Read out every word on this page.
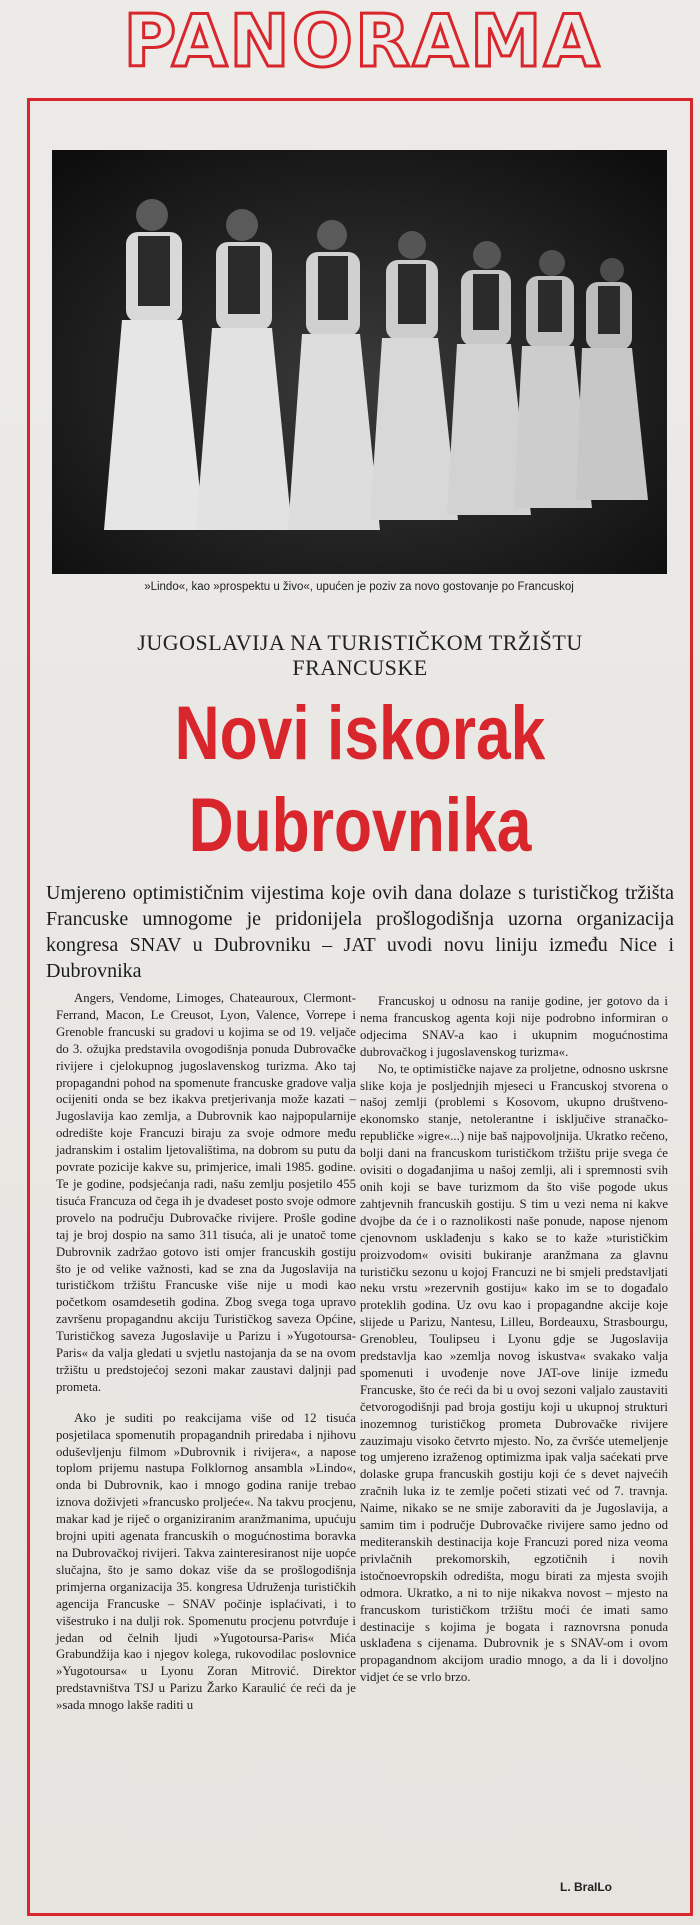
PANORAMA
»Lindo«, kao »prospektu u živo«, upućen je poziv za novo gostovanje po Francuskoj
JUGOSLAVIJA NA TURISTIČKOM TRŽIŠTU
FRANCUSKE
Novi iskorak
Dubrovnika
Umjereno optimističnim vijestima koje ovih dana dolaze s turističkog tržišta Francuske umnogome je pridonijela prošlogodišnja uzorna organizacija kongresa SNAV u Dubrovniku – JAT uvodi novu liniju između Nice i Dubrovnika

Angers, Vendome, Limoges, Chateauroux, Clermont-Ferrand, Macon, Le Creusot, Lyon, Valence, Vorrepe i Grenoble francuski su gradovi u kojima se od 19. veljače do 3. ožujka predstavila ovogodišnja ponuda Dubrovačke rivijere i cjelokupnog jugoslavenskog turizma. Ako taj propagandni pohod na spomenute francuske gradove valja ocijeniti onda se bez ikakva pretjerivanja može kazati – Jugoslavija kao zemlja, a Dubrovnik kao najpopularnije odredište koje Francuzi biraju za svoje odmore među jadranskim i ostalim ljetovalištima, na dobrom su putu da povrate pozicije kakve su, primjerice, imali 1985. godine. Te je godine, podsjećanja radi, našu zemlju posjetilo 455 tisuća Francuza od čega ih je dvadeset posto svoje odmore provelo na području Dubrovačke rivijere. Prošle godine taj je broj dospio na samo 311 tisuća, ali je unatoč tome Dubrovnik zadržao gotovo isti omjer francuskih gostiju što je od velike važnosti, kad se zna da Jugoslavija na turističkom tržištu Francuske više nije u modi kao početkom osamdesetih godina. Zbog svega toga upravo završenu propagandnu akciju Turističkog saveza Općine, Turističkog saveza Jugoslavije u Parizu i »Yugotoursa-Paris« da valja gledati u svjetlu nastojanja da se na ovom tržištu u predstojećoj sezoni makar zaustavi daljnji pad prometa.

Ako je suditi po reakcijama više od 12 tisuća posjetilaca spomenutih propagandnih priredaba i njihovu oduševljenju filmom »Dubrovnik i rivijera«, a napose toplom prijemu nastupa Folklornog ansambla »Lindo«, onda bi Dubrovnik, kao i mnogo godina ranije trebao iznova doživjeti »francusko proljeće«. Na takvu procjenu, makar kad je riječ o organiziranim aranžmanima, upućuju brojni upiti agenata francuskih o mogućnostima boravka na Dubrovačkoj rivijeri. Takva zainteresiranost nije uopće slučajna, što je samo dokaz više da se prošlogodišnja primjerna organizacija 35. kongresa Udruženja turističkih agencija Francuske – SNAV počinje isplaćivati, i to višestruko i na dulji rok. Spomenutu procjenu potvrđuje i jedan od čelnih ljudi »Yugotoursa-Paris« Mića Grabundžija kao i njegov kolega, rukovodilac poslovnice »Yugotoursa« u Lyonu Zoran Mitrović. Direktor predstavništva TSJ u Parizu Žarko Karaulić će reći da je »sada mnogo lakše raditi u

Francuskoj u odnosu na ranije godine, jer gotovo da i nema francuskog agenta koji nije podrobno informiran o odjecima SNAV-a kao i ukupnim mogućnostima dubrovačkog i jugoslavenskog turizma«.

No, te optimističke najave za proljetne, odnosno uskrsne slike koja je posljednjih mjeseci u Francuskoj stvorena o našoj zemlji (problemi s Kosovom, ukupno društveno-ekonomsko stanje, netolerantne i isključive stranačko-republičke »igre«...) nije baš najpovoljnija. Ukratko rečeno, bolji dani na francuskom turističkom tržištu prije svega će ovisiti o događanjima u našoj zemlji, ali i spremnosti svih onih koji se bave turizmom da što više pogode ukus zahtjevnih francuskih gostiju. S tim u vezi nema ni kakve dvojbe da će i o raznolikosti naše ponude, napose njenom cjenovnom usklađenju s kako se to kaže »turističkim proizvodom« ovisiti bukiranje aranžmana za glavnu turističku sezonu u kojoj Francuzi ne bi smjeli predstavljati neku vrstu »rezervnih gostiju« kako im se to događalo proteklih godina. Uz ovu kao i propagandne akcije koje slijede u Parizu, Nantesu, Lilleu, Bordeauxu, Strasbourgu, Grenobleu, Toulipseu i Lyonu gdje se Jugoslavija predstavlja kao »zemlja novog iskustva« svakako valja spomenuti i uvođenje nove JAT-ove linije između Francuske, što će reći da bi u ovoj sezoni valjalo zaustaviti četvorogodišnji pad broja gostiju koji u ukupnoj strukturi inozemnog turističkog prometa Dubrovačke rivijere zauzimaju visoko četvrto mjesto. No, za čvršće utemeljenje tog umjereno izraženog optimizma ipak valja saćekati prve dolaske grupa francuskih gostiju koji će s devet najvećih zračnih luka iz te zemlje početi stizati već od 7. travnja. Naime, nikako se ne smije zaboraviti da je Jugoslavija, a samim tim i područje Dubrovačke rivijere samo jedno od mediteranskih destinacija koje Francuzi pored niza veoma privlačnih prekomorskih, egzotičnih i novih istočnoevropskih odredišta, mogu birati za mjesta svojih odmora. Ukratko, a ni to nije nikakva novost – mjesto na francuskom turističkom tržištu moći će imati samo destinacije s kojima je bogata i raznovrsna ponuda usklađena s cijenama. Dubrovnik je s SNAV-om i ovom propagandnom akcijom uradio mnogo, a da li i dovoljno vidjet će se vrlo brzo.

L. BraILo
